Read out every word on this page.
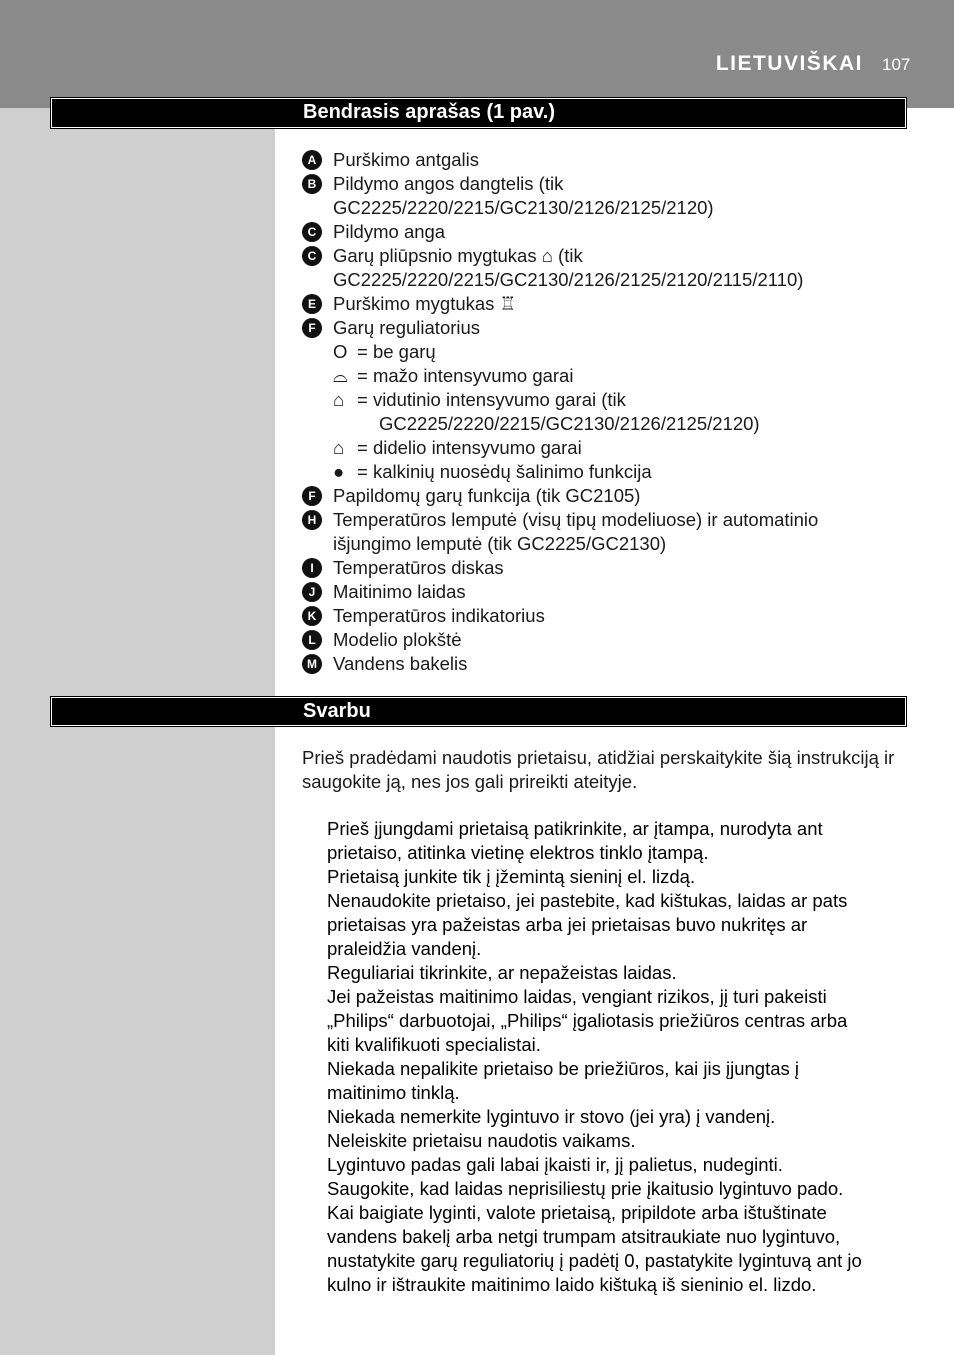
LIETUVIŠKAI 107
Bendrasis aprašas (1 pav.)
A Purškimo antgalis
B Pildymo angos dangtelis (tik
GC2225/2220/2215/GC2130/2126/2125/2120)
C Pildymo anga
C Garų pliūpsnio mygtukas ⌂ (tik
GC2225/2220/2215/GC2130/2126/2125/2120/2115/2110)
E Purškimo mygtukas ♖
F Garų reguliatorius
O = be garų
⌓ = mažo intensyvumo garai
⌂ = vidutinio intensyvumo garai (tik
GC2225/2220/2215/GC2130/2126/2125/2120)
⌂ = didelio intensyvumo garai
● = kalkinių nuosėdų šalinimo funkcija
F Papildomų garų funkcija (tik GC2105)
H Temperatūros lemputė (visų tipų modeliuose) ir automatinio
išjungimo lemputė (tik GC2225/GC2130)
I	Temperatūros diskas
J Maitinimo laidas
K Temperatūros indikatorius
L Modelio plokštė
M Vandens bakelis
Svarbu
Prieš pradėdami naudotis prietaisu, atidžiai perskaitykite šią instrukciją ir
saugokite ją, nes jos gali prireikti ateityje.
Prieš įjungdami prietaisą patikrinkite, ar įtampa, nurodyta ant
prietaiso, atitinka vietinę elektros tinklo įtampą.
Prietaisą junkite tik į įžemintą sieninį el. lizdą.
Nenaudokite prietaiso, jei pastebite, kad kištukas, laidas ar pats
prietaisas yra pažeistas arba jei prietaisas buvo nukritęs ar
praleidžia vandenį.
Reguliariai tikrinkite, ar nepažeistas laidas.
Jei pažeistas maitinimo laidas, vengiant rizikos, jį turi pakeisti
„Philips“ darbuotojai, „Philips“ įgaliotasis priežiūros centras arba
kiti kvalifikuoti specialistai.
Niekada nepalikite prietaiso be priežiūros, kai jis įjungtas į
maitinimo tinklą.
Niekada nemerkite lygintuvo ir stovo (jei yra) į vandenį.
Neleiskite prietaisu naudotis vaikams.
Lygintuvo padas gali labai įkaisti ir, jį palietus, nudeginti.
Saugokite, kad laidas neprisiliestų prie įkaitusio lygintuvo pado.
Kai baigiate lyginti, valote prietaisą, pripildote arba ištuštinate
vandens bakelį arba netgi trumpam atsitraukiate nuo lygintuvo,
nustatykite garų reguliatorių į padėtį 0, pastatykite lygintuvą ant jo
kulno ir ištraukite maitinimo laido kištuką iš sieninio el. lizdo.
